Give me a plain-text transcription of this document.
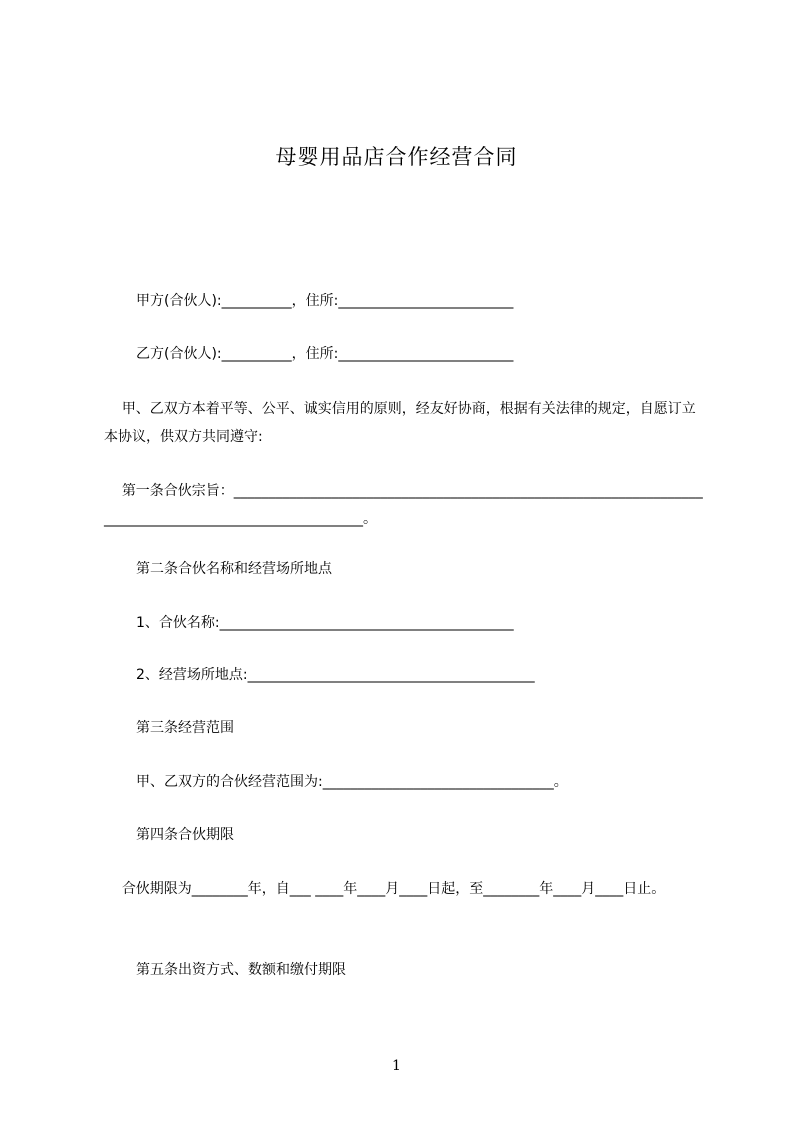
母婴用品店合作经营合同
甲方(合伙人):__________，住所:_________________________
乙方(合伙人):__________，住所:_________________________
甲、乙双方本着平等、公平、诚实信用的原则，经友好协商，根据有关法律的规定，自愿订立本协议，供双方共同遵守:
第一条合伙宗旨：________________________________________________________________________________________________________。
第二条合伙名称和经营场所地点
1、合伙名称:__________________________________________
2、经营场所地点:_________________________________________
第三条经营范围
甲、乙双方的合伙经营范围为:_________________________________。
第四条合伙期限
合伙期限为________年，自___ ____年____月____日起，至________年____月____日止。
第五条出资方式、数额和缴付期限
1
